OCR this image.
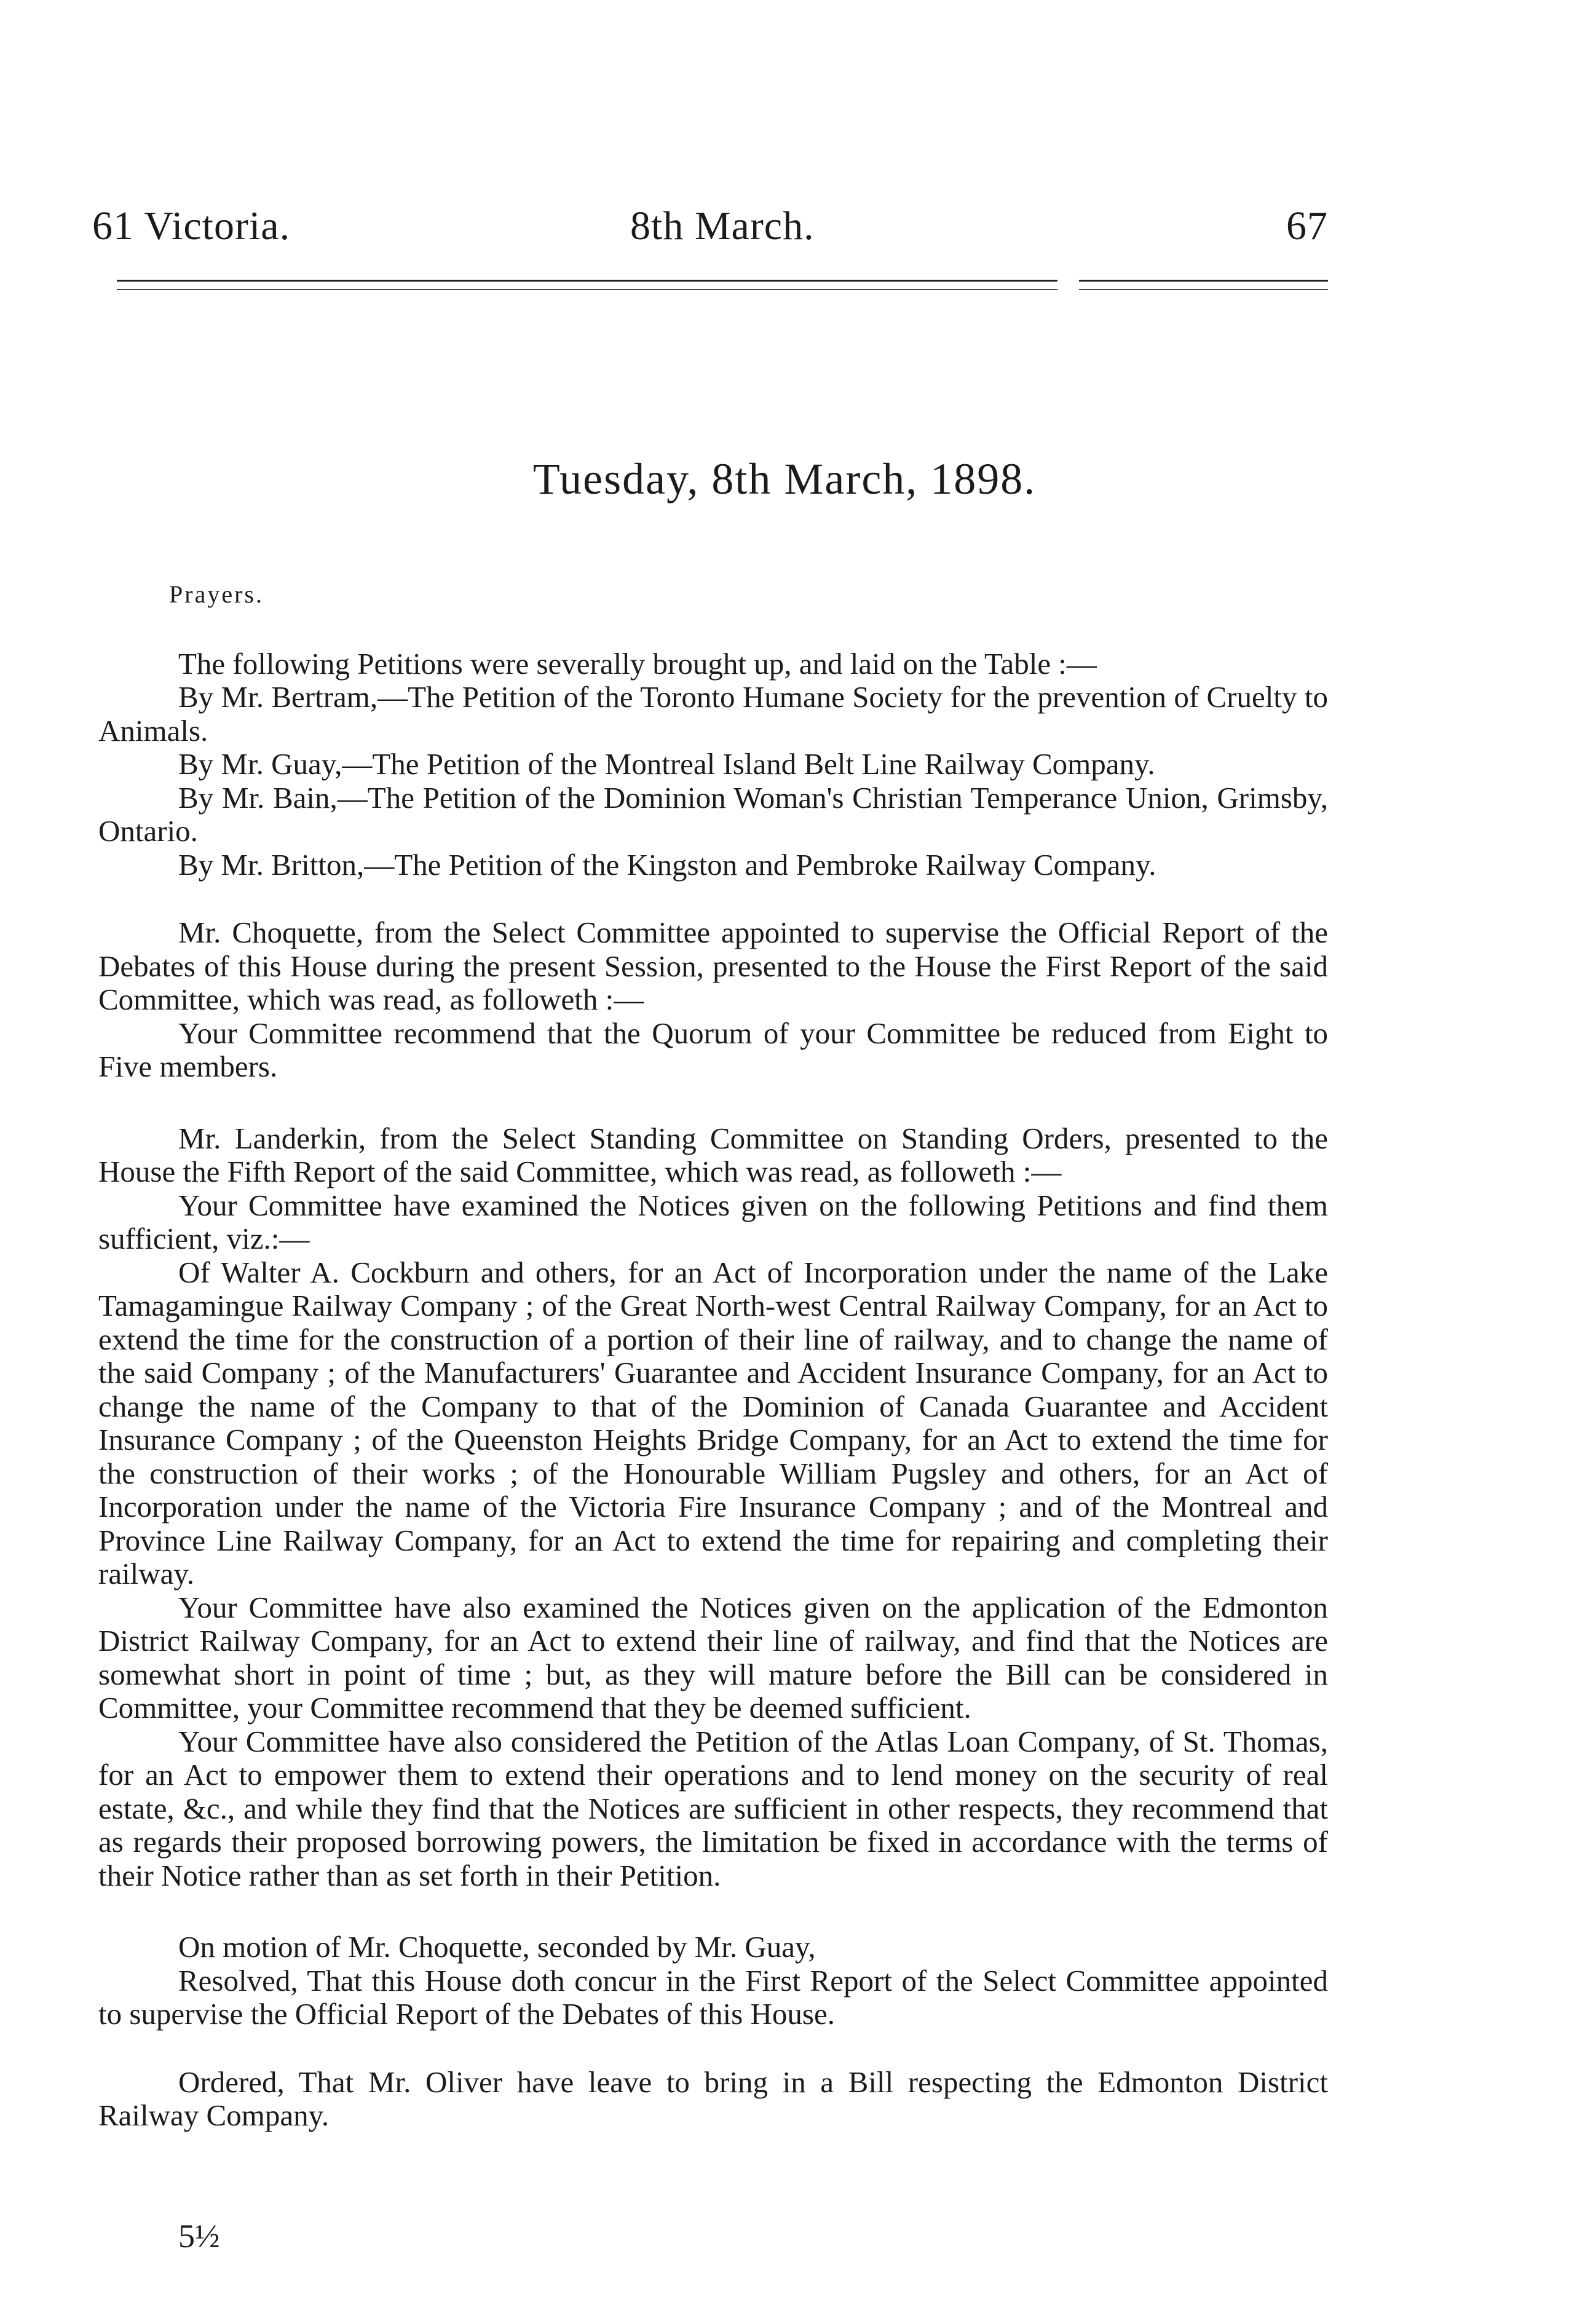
61 Victoria.	8th March.	67
Tuesday, 8th March, 1898.

Prayers.

The following Petitions were severally brought up, and laid on the Table :—

By Mr. Bertram,—The Petition of the Toronto Humane Society for the prevention of Cruelty to Animals.

By Mr. Guay,—The Petition of the Montreal Island Belt Line Railway Company.

By Mr. Bain,—The Petition of the Dominion Woman's Christian Temperance Union, Grimsby, Ontario.

By Mr. Britton,—The Petition of the Kingston and Pembroke Railway Company.

Mr. Choquette, from the Select Committee appointed to supervise the Official Report of the Debates of this House during the present Session, presented to the House the First Report of the said Committee, which was read, as followeth :—

Your Committee recommend that the Quorum of your Committee be reduced from Eight to Five members.

Mr. Landerkin, from the Select Standing Committee on Standing Orders, presented to the House the Fifth Report of the said Committee, which was read, as followeth :—

Your Committee have examined the Notices given on the following Petitions and find them sufficient, viz.:—

Of Walter A. Cockburn and others, for an Act of Incorporation under the name of the Lake Tamagamingue Railway Company ; of the Great North-west Central Railway Company, for an Act to extend the time for the construction of a portion of their line of railway, and to change the name of the said Company ; of the Manufacturers' Guarantee and Accident Insurance Company, for an Act to change the name of the Company to that of the Dominion of Canada Guarantee and Accident Insurance Company ; of the Queenston Heights Bridge Company, for an Act to extend the time for the construction of their works ; of the Honourable William Pugsley and others, for an Act of Incorporation under the name of the Victoria Fire Insurance Company ; and of the Montreal and Province Line Railway Company, for an Act to extend the time for repairing and completing their railway.

Your Committee have also examined the Notices given on the application of the Edmonton District Railway Company, for an Act to extend their line of railway, and find that the Notices are somewhat short in point of time ; but, as they will mature before the Bill can be considered in Committee, your Committee recommend that they be deemed sufficient.

Your Committee have also considered the Petition of the Atlas Loan Company, of St. Thomas, for an Act to empower them to extend their operations and to lend money on the security of real estate, &c., and while they find that the Notices are sufficient in other respects, they recommend that as regards their proposed borrowing powers, the limitation be fixed in accordance with the terms of their Notice rather than as set forth in their Petition.

On motion of Mr. Choquette, seconded by Mr. Guay,

Resolved, That this House doth concur in the First Report of the Select Committee appointed to supervise the Official Report of the Debates of this House.

Ordered, That Mr. Oliver have leave to bring in a Bill respecting the Edmonton District Railway Company.

5½
